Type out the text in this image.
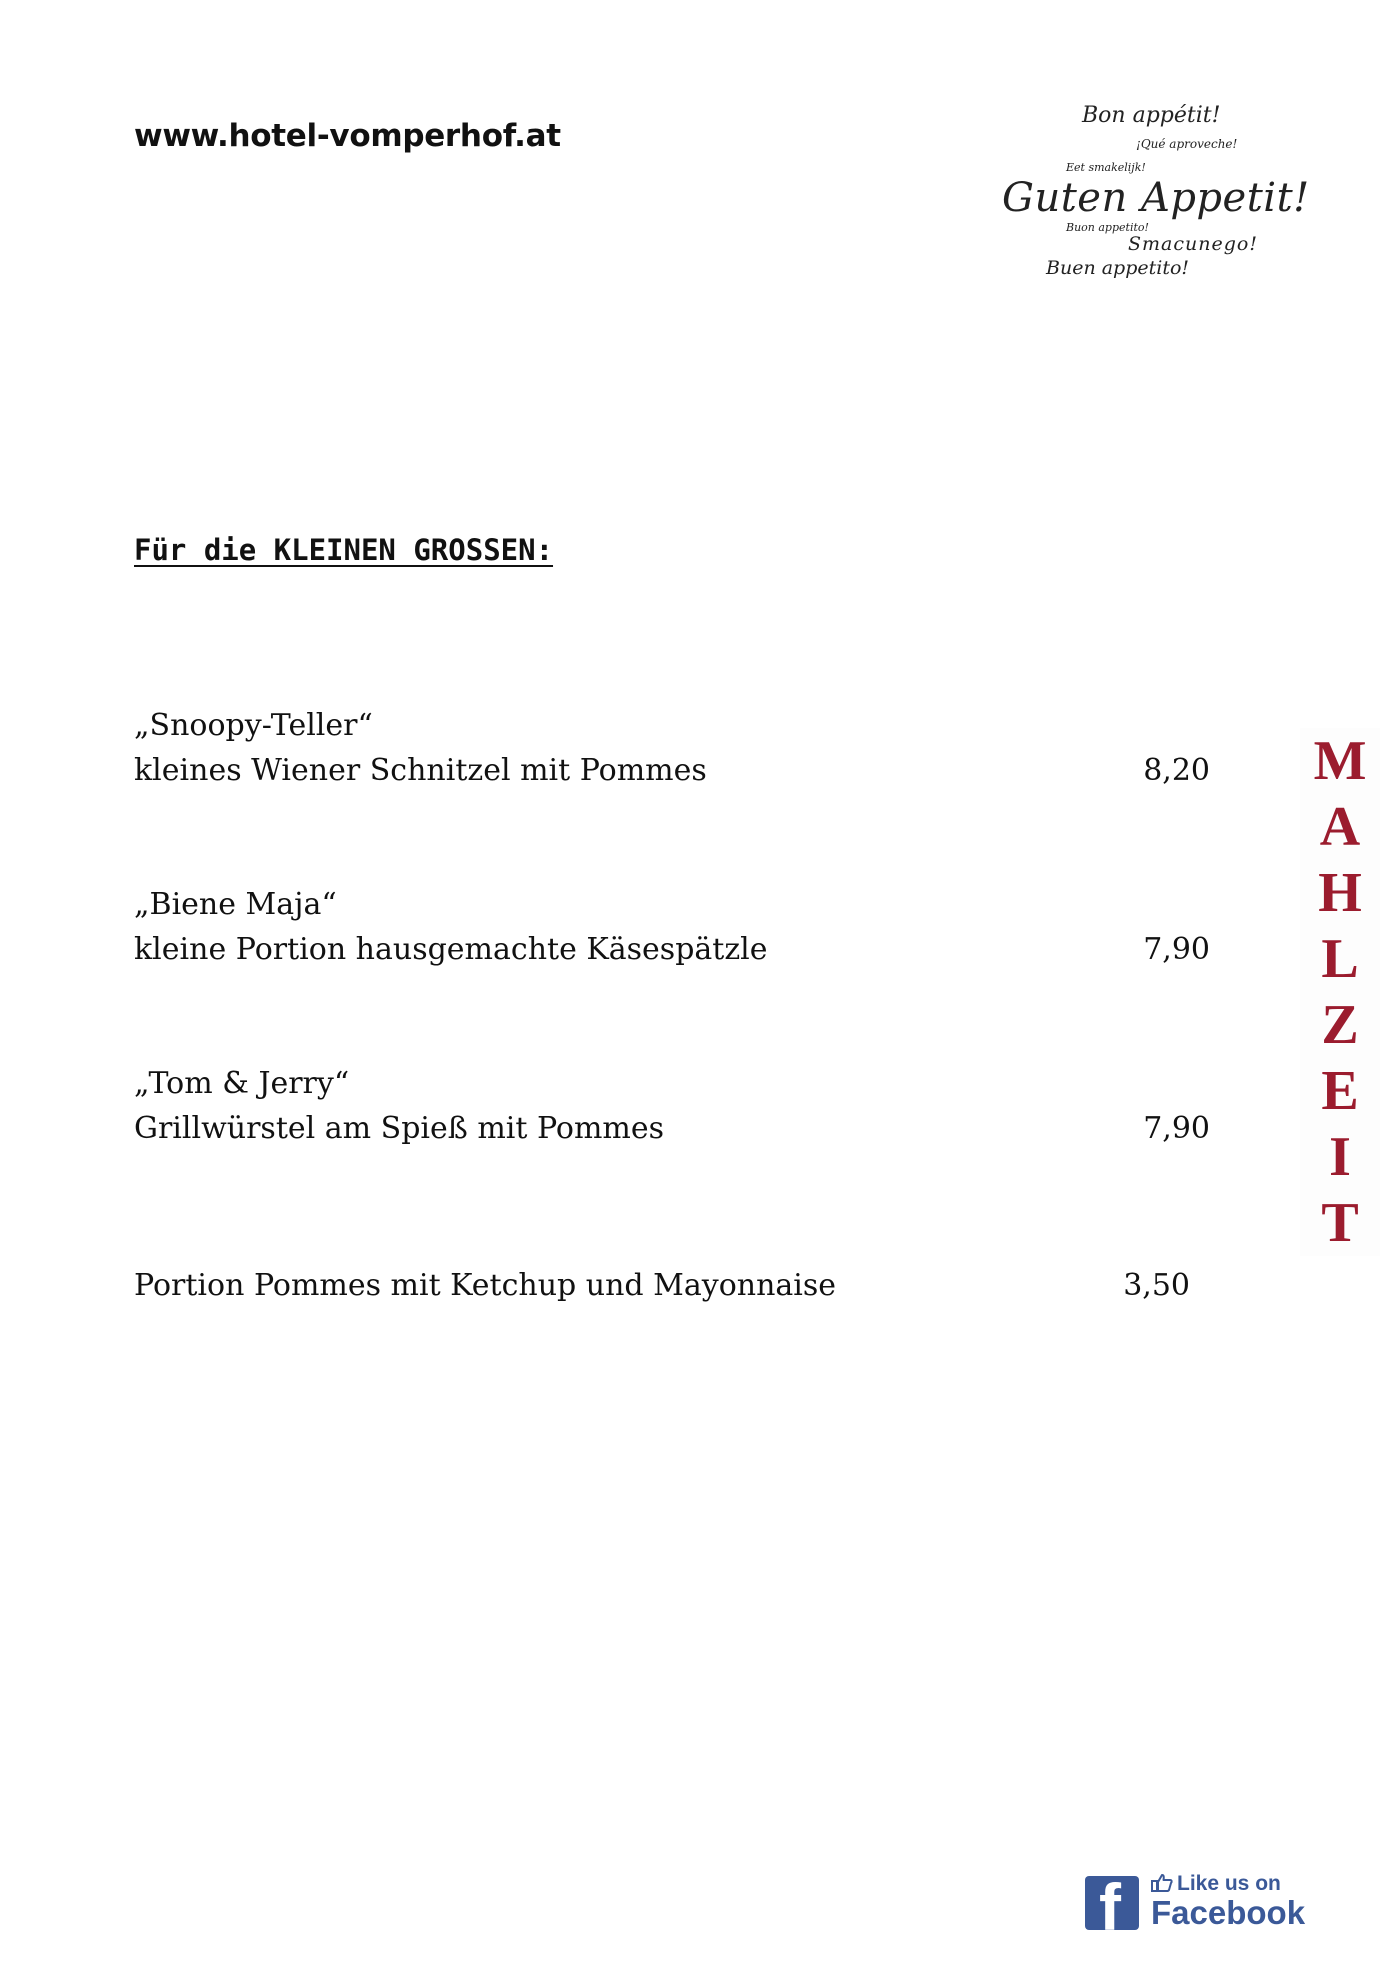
www.hotel-vomperhof.at
Bon appétit!
¡Qué aproveche!
Eet smakelijk!
Guten Appetit!
Buon appetito!
Smacunego!
Buen appetito!
Für die KLEINEN GROSSEN:
„Snoopy-Teller“
kleines Wiener Schnitzel mit Pommes	8,20
„Biene Maja“
kleine Portion hausgemachte Käsespätzle	7,90
„Tom & Jerry“
Grillwürstel am Spieß mit Pommes	7,90
Portion Pommes mit Ketchup und Mayonnaise	3,50
M
A
H
L
Z
E
I
T
f	Like us on
Facebook
